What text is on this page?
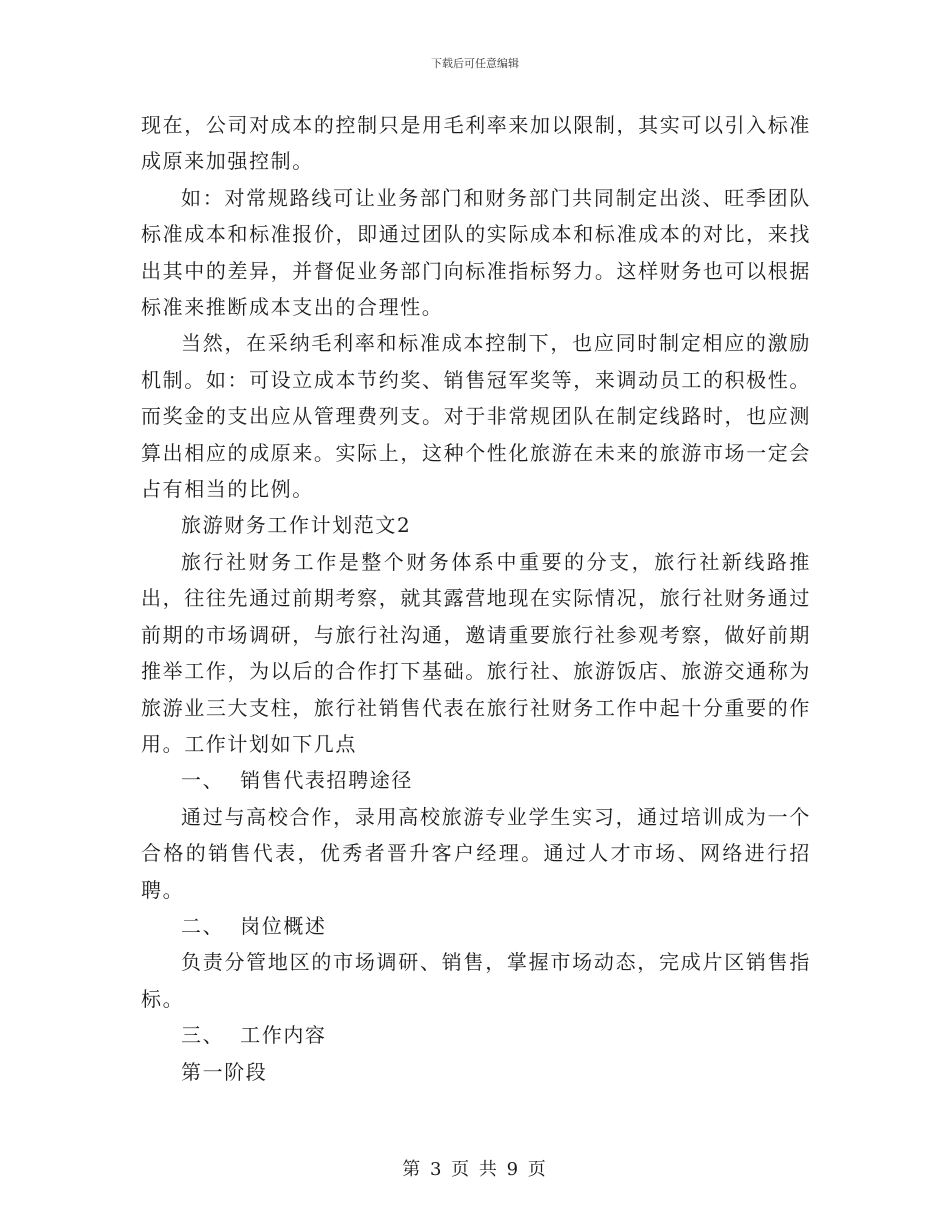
下载后可任意编辑

现在，公司对成本的控制只是用毛利率来加以限制，其实可以引入标准成原来加强控制。

如：对常规路线可让业务部门和财务部门共同制定出淡、旺季团队标准成本和标准报价，即通过团队的实际成本和标准成本的对比，来找出其中的差异，并督促业务部门向标准指标努力。这样财务也可以根据标准来推断成本支出的合理性。

当然，在采纳毛利率和标准成本控制下，也应同时制定相应的激励机制。如：可设立成本节约奖、销售冠军奖等，来调动员工的积极性。而奖金的支出应从管理费列支。对于非常规团队在制定线路时，也应测算出相应的成原来。实际上，这种个性化旅游在未来的旅游市场一定会占有相当的比例。

旅游财务工作计划范文2

旅行社财务工作是整个财务体系中重要的分支，旅行社新线路推出，往往先通过前期考察，就其露营地现在实际情况，旅行社财务通过前期的市场调研，与旅行社沟通，邀请重要旅行社参观考察，做好前期推举工作，为以后的合作打下基础。旅行社、旅游饭店、旅游交通称为旅游业三大支柱，旅行社销售代表在旅行社财务工作中起十分重要的作用。工作计划如下几点

一、  销售代表招聘途径

通过与高校合作，录用高校旅游专业学生实习，通过培训成为一个合格的销售代表，优秀者晋升客户经理。通过人才市场、网络进行招聘。

二、  岗位概述

负责分管地区的市场调研、销售，掌握市场动态，完成片区销售指标。

三、  工作内容

第一阶段

第 3 页 共 9 页
